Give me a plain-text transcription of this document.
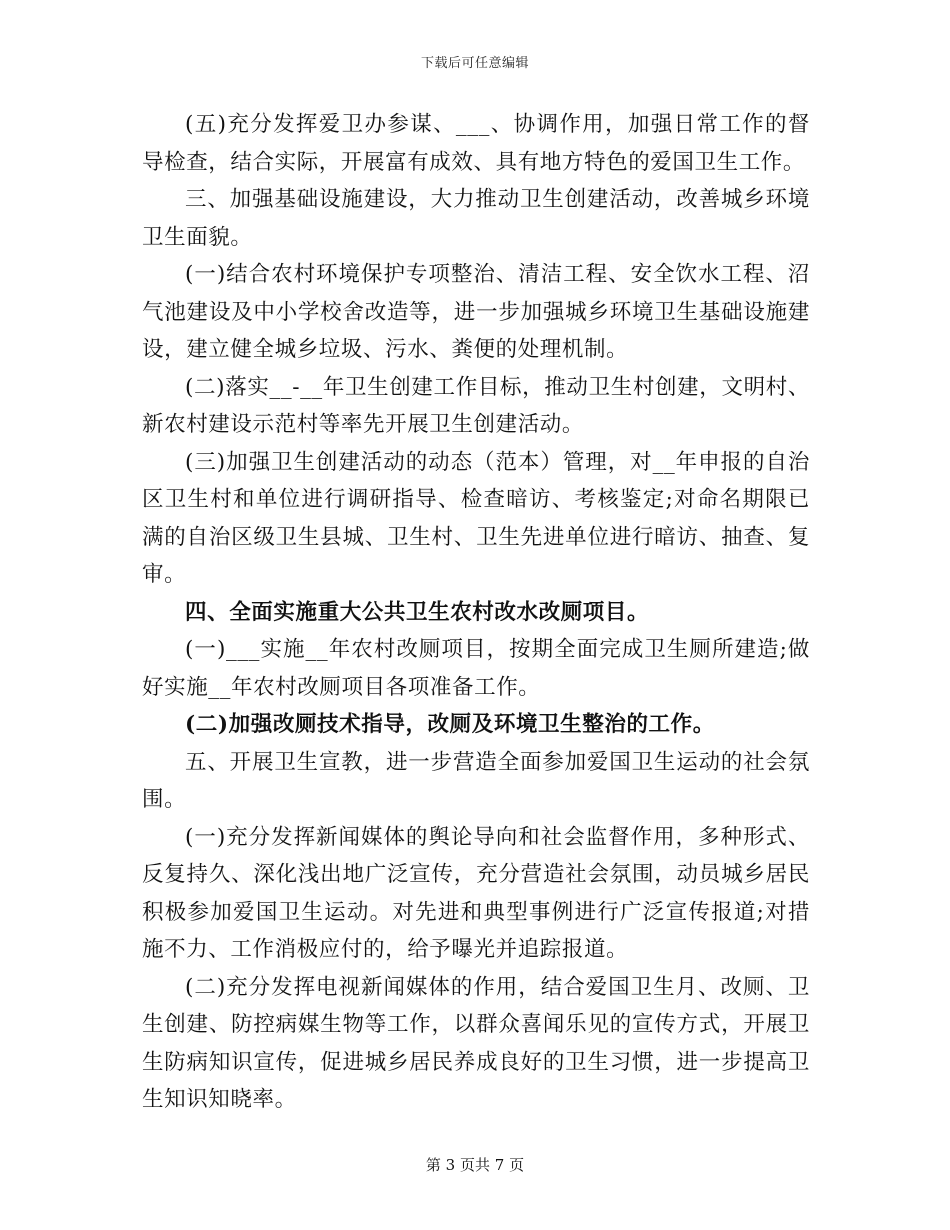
下载后可任意编辑

(五)充分发挥爱卫办参谋、___、协调作用，加强日常工作的督导检查，结合实际，开展富有成效、具有地方特色的爱国卫生工作。

三、加强基础设施建设，大力推动卫生创建活动，改善城乡环境卫生面貌。

(一)结合农村环境保护专项整治、清洁工程、安全饮水工程、沼气池建设及中小学校舍改造等，进一步加强城乡环境卫生基础设施建设，建立健全城乡垃圾、污水、粪便的处理机制。

(二)落实__-__年卫生创建工作目标，推动卫生村创建，文明村、新农村建设示范村等率先开展卫生创建活动。

(三)加强卫生创建活动的动态（范本）管理，对__年申报的自治区卫生村和单位进行调研指导、检查暗访、考核鉴定;对命名期限已满的自治区级卫生县城、卫生村、卫生先进单位进行暗访、抽查、复审。

四、全面实施重大公共卫生农村改水改厕项目。

(一)___实施__年农村改厕项目，按期全面完成卫生厕所建造;做好实施__年农村改厕项目各项准备工作。

(二)加强改厕技术指导，改厕及环境卫生整治的工作。

五、开展卫生宣教，进一步营造全面参加爱国卫生运动的社会氛围。

(一)充分发挥新闻媒体的舆论导向和社会监督作用，多种形式、反复持久、深化浅出地广泛宣传，充分营造社会氛围，动员城乡居民积极参加爱国卫生运动。对先进和典型事例进行广泛宣传报道;对措施不力、工作消极应付的，给予曝光并追踪报道。

(二)充分发挥电视新闻媒体的作用，结合爱国卫生月、改厕、卫生创建、防控病媒生物等工作，以群众喜闻乐见的宣传方式，开展卫生防病知识宣传，促进城乡居民养成良好的卫生习惯，进一步提高卫生知识知晓率。

第 3 页共 7 页
